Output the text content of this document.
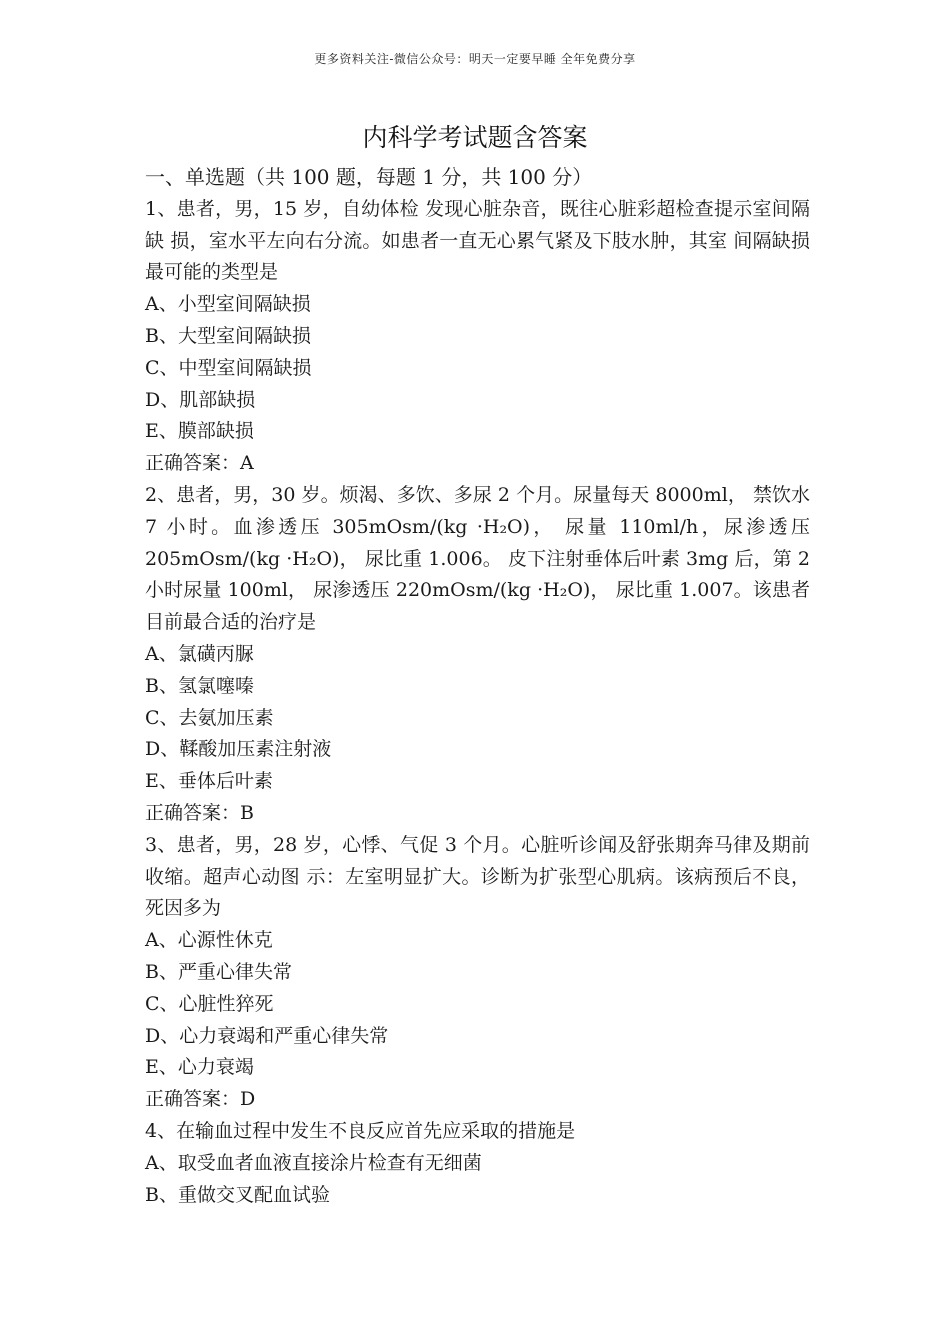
更多资料关注-微信公众号：明天一定要早睡 全年免费分享
内科学考试题含答案

一、单选题（共 100 题，每题 1 分，共 100 分）

1、患者，男，15 岁，自幼体检 发现心脏杂音，既往心脏彩超检查提示室间隔缺 损，室水平左向右分流。如患者一直无心累气紧及下肢水肿，其室 间隔缺损最可能的类型是

A、小型室间隔缺损

B、大型室间隔缺损

C、中型室间隔缺损

D、肌部缺损

E、膜部缺损

正确答案：A

2、患者，男，30 岁。烦渴、多饮、多尿 2 个月。尿量每天 8000ml， 禁饮水 7 小时。血渗透压 305mOsm/(kg ·H₂O)， 尿量 110ml/h，尿渗透压 205mOsm/(kg ·H₂O)， 尿比重 1.006。 皮下注射垂体后叶素 3mg 后，第 2 小时尿量 100ml， 尿渗透压 220mOsm/(kg ·H₂O)， 尿比重 1.007。该患者目前最合适的治疗是

A、氯磺丙脲

B、氢氯噻嗪

C、去氨加压素

D、鞣酸加压素注射液

E、垂体后叶素

正确答案：B

3、患者，男，28 岁，心悸、气促 3 个月。心脏听诊闻及舒张期奔马律及期前收缩。超声心动图 示：左室明显扩大。诊断为扩张型心肌病。该病预后不良，死因多为

A、心源性休克

B、严重心律失常

C、心脏性猝死

D、心力衰竭和严重心律失常

E、心力衰竭

正确答案：D

4、在输血过程中发生不良反应首先应采取的措施是

A、取受血者血液直接涂片检查有无细菌

B、重做交叉配血试验
